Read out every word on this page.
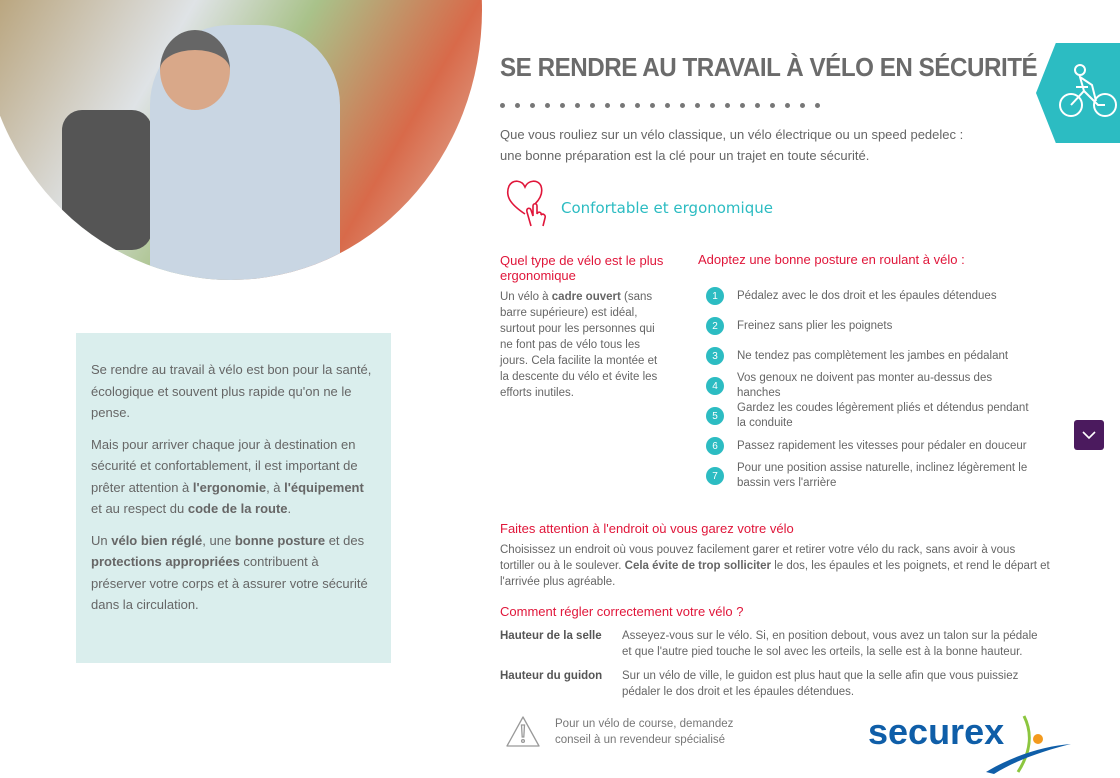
SE RENDRE AU TRAVAIL À VÉLO EN SÉCURITÉ
Que vous rouliez sur un vélo classique, un vélo électrique ou un speed pedelec :
une bonne préparation est la clé pour un trajet en toute sécurité.
Confortable et ergonomique
Quel type de vélo est le plus ergonomique

Un vélo à cadre ouvert (sans barre supérieure) est idéal, surtout pour les personnes qui ne font pas de vélo tous les jours. Cela facilite la montée et la descente du vélo et évite les efforts inutiles.

Adoptez une bonne posture en roulant à vélo :
1	Pédalez avec le dos droit et les épaules détendues
2	Freinez sans plier les poignets
3	Ne tendez pas complètement les jambes en pédalant
4
Vos genoux ne doivent pas monter au-dessus des hanches
5
Gardez les coudes légèrement pliés et détendus pendant la conduite
6	Passez rapidement les vitesses pour pédaler en douceur
7
Pour une position assise naturelle, inclinez légèrement le bassin vers l'arrière

Se rendre au travail à vélo est bon pour la santé, écologique et souvent plus rapide qu'on ne le pense.

Mais pour arriver chaque jour à destination en sécurité et confortablement, il est important de prêter attention à l'ergonomie, à l'équipement et au respect du code de la route.

Un vélo bien réglé, une bonne posture et des protections appropriées contribuent à préserver votre corps et à assurer votre sécurité dans la circulation.

Faites attention à l'endroit où vous garez votre vélo

Choisissez un endroit où vous pouvez facilement garer et retirer votre vélo du rack, sans avoir à vous tortiller ou à le soulever. Cela évite de trop solliciter le dos, les épaules et les poignets, et rend le départ et l'arrivée plus agréable.

Comment régler correctement votre vélo ?
Hauteur de la selle	Asseyez-vous sur le vélo. Si, en position debout, vous avez un talon sur la pédale et que l'autre pied touche le sol avec les orteils, la selle est à la bonne hauteur.
Hauteur du guidon	Sur un vélo de ville, le guidon est plus haut que la selle afin que vous puissiez pédaler le dos droit et les épaules détendues.
Pour un vélo de course, demandez
conseil à un revendeur spécialisé	securex
